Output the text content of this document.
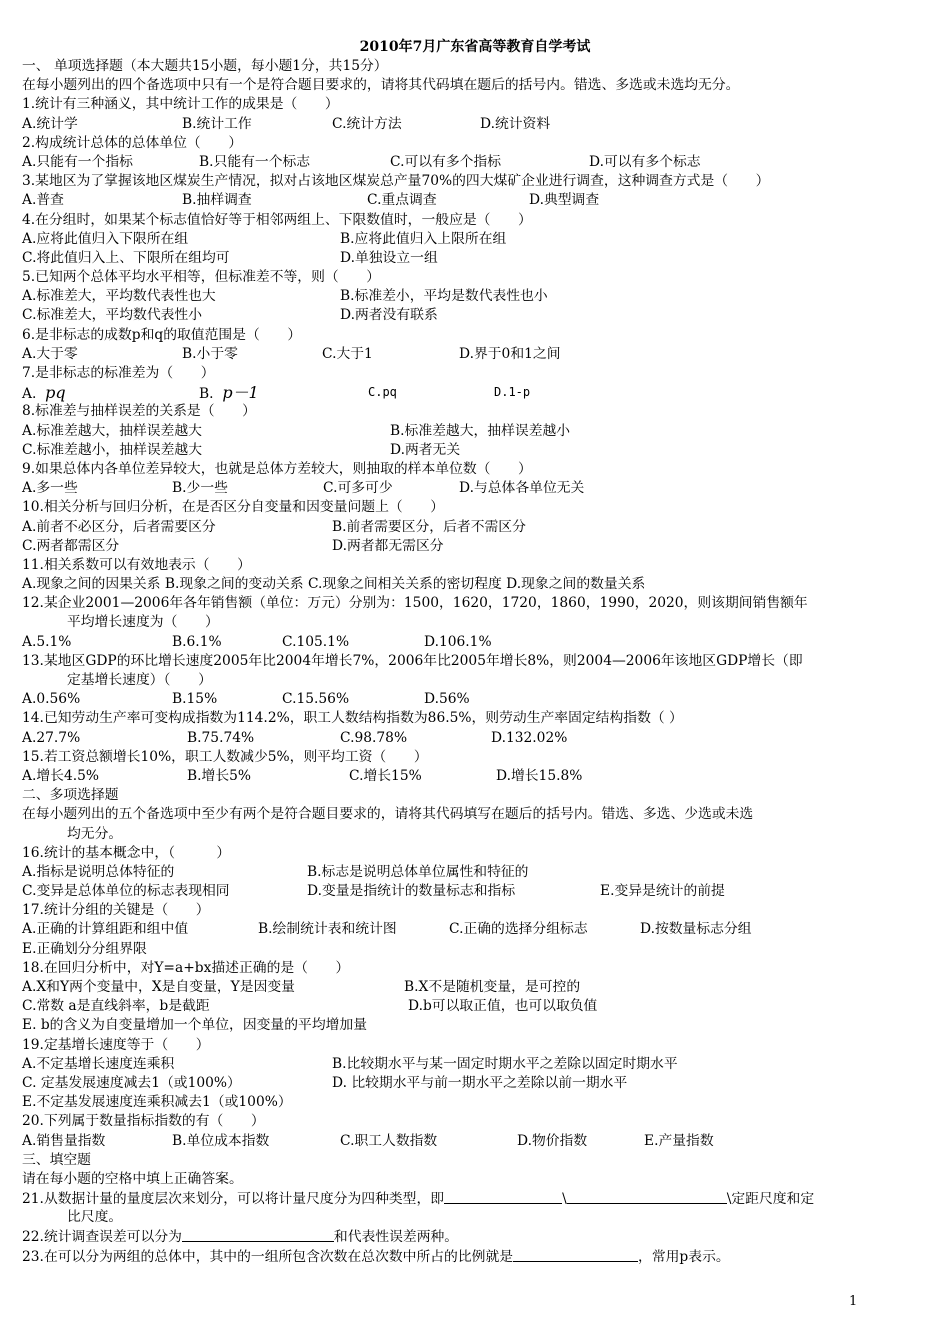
2010年7月广东省高等教育自学考试
一、 单项选择题（本大题共15小题，每小题1分，共15分）
在每小题列出的四个备选项中只有一个是符合题目要求的，请将其代码填在题后的括号内。错选、多选或未选均无分。
1.统计有三种涵义，其中统计工作的成果是（　　）
A.统计学	B.统计工作	C.统计方法	D.统计资料
2.构成统计总体的总体单位（　　）
A.只能有一个指标	B.只能有一个标志	C.可以有多个指标	D.可以有多个标志
3.某地区为了掌握该地区煤炭生产情况，拟对占该地区煤炭总产量70%的四大煤矿企业进行调查，这种调查方式是（　　）
A.普查	B.抽样调查	C.重点调查	D.典型调查
4.在分组时，如果某个标志值恰好等于相邻两组上、下限数值时，一般应是（　　）
A.应将此值归入下限所在组	B.应将此值归入上限所在组
C.将此值归入上、下限所在组均可	D.单独设立一组
5.已知两个总体平均水平相等，但标准差不等，则（　　）
A.标准差大，平均数代表性也大	B.标准差小，平均是数代表性也小
C.标准差大，平均数代表性小	D.两者没有联系
6.是非标志的成数p和q的取值范围是（　　）
A.大于零	B.小于零	C.大于1	D.界于0和1之间
7.是非标志的标准差为（　　）
A. pq	B. p－1	C.pq	D.1-p
8.标准差与抽样误差的关系是（　　）
A.标准差越大，抽样误差越大	B.标准差越大，抽样误差越小
C.标准差越小，抽样误差越大	D.两者无关
9.如果总体内各单位差异较大，也就是总体方差较大，则抽取的样本单位数（　　）
A.多一些	B.少一些	C.可多可少	D.与总体各单位无关
10.相关分析与回归分析，在是否区分自变量和因变量问题上（　　）
A.前者不必区分，后者需要区分	B.前者需要区分，后者不需区分
C.两者都需区分	D.两者都无需区分
11.相关系数可以有效地表示（　　）
A.现象之间的因果关系 B.现象之间的变动关系 C.现象之间相关关系的密切程度 D.现象之间的数量关系
12.某企业2001—2006年各年销售额（单位：万元）分别为：1500，1620，1720，1860，1990，2020，则该期间销售额年
平均增长速度为（　　）
A.5.1%	B.6.1%	C.105.1%	D.106.1%
13.某地区GDP的环比增长速度2005年比2004年增长7%，2006年比2005年增长8%，则2004—2006年该地区GDP增长（即
定基增长速度）（　　）
A.0.56%	B.15%	C.15.56%	D.56%
14.已知劳动生产率可变构成指数为114.2%，职工人数结构指数为86.5%，则劳动生产率固定结构指数（ ）
A.27.7%	B.75.74%	C.98.78%	D.132.02%
15.若工资总额增长10%，职工人数减少5%，则平均工资（　　）
A.增长4.5%	B.增长5%	C.增长15%	D.增长15.8%
二、多项选择题
在每小题列出的五个备选项中至少有两个是符合题目要求的，请将其代码填写在题后的括号内。错选、多选、少选或未选
均无分。
16.统计的基本概念中，（　　　）
A.指标是说明总体特征的	B.标志是说明总体单位属性和特征的
C.变异是总体单位的标志表现相同	D.变量是指统计的数量标志和指标	E.变异是统计的前提
17.统计分组的关键是（　　）
A.正确的计算组距和组中值	B.绘制统计表和统计图	C.正确的选择分组标志	D.按数量标志分组
E.正确划分分组界限
18.在回归分析中，对Y=a+bx描述正确的是（　　）
A.X和Y两个变量中，X是自变量，Y是因变量	B.X不是随机变量，是可控的
C.常数 a是直线斜率，b是截距	D.b可以取正值，也可以取负值
E. b的含义为自变量增加一个单位，因变量的平均增加量
19.定基增长速度等于（　　）
A.不定基增长速度连乘积	B.比较期水平与某一固定时期水平之差除以固定时期水平
C. 定基发展速度减去1（或100%）	D. 比较期水平与前一期水平之差除以前一期水平
E.不定基发展速度连乘积减去1（或100%）
20.下列属于数量指标指数的有（　　）
A.销售量指数	B.单位成本指数	C.职工人数指数	D.物价指数	E.产量指数
三、填空题
请在每小题的空格中填上正确答案。
21.从数据计量的量度层次来划分，可以将计量尺度分为四种类型，即	\	\定距尺度和定
比尺度。
22.统计调查误差可以分为	和代表性误差两种。
23.在可以分为两组的总体中，其中的一组所包含次数在总次数中所占的比例就是	，常用p表示。
1
